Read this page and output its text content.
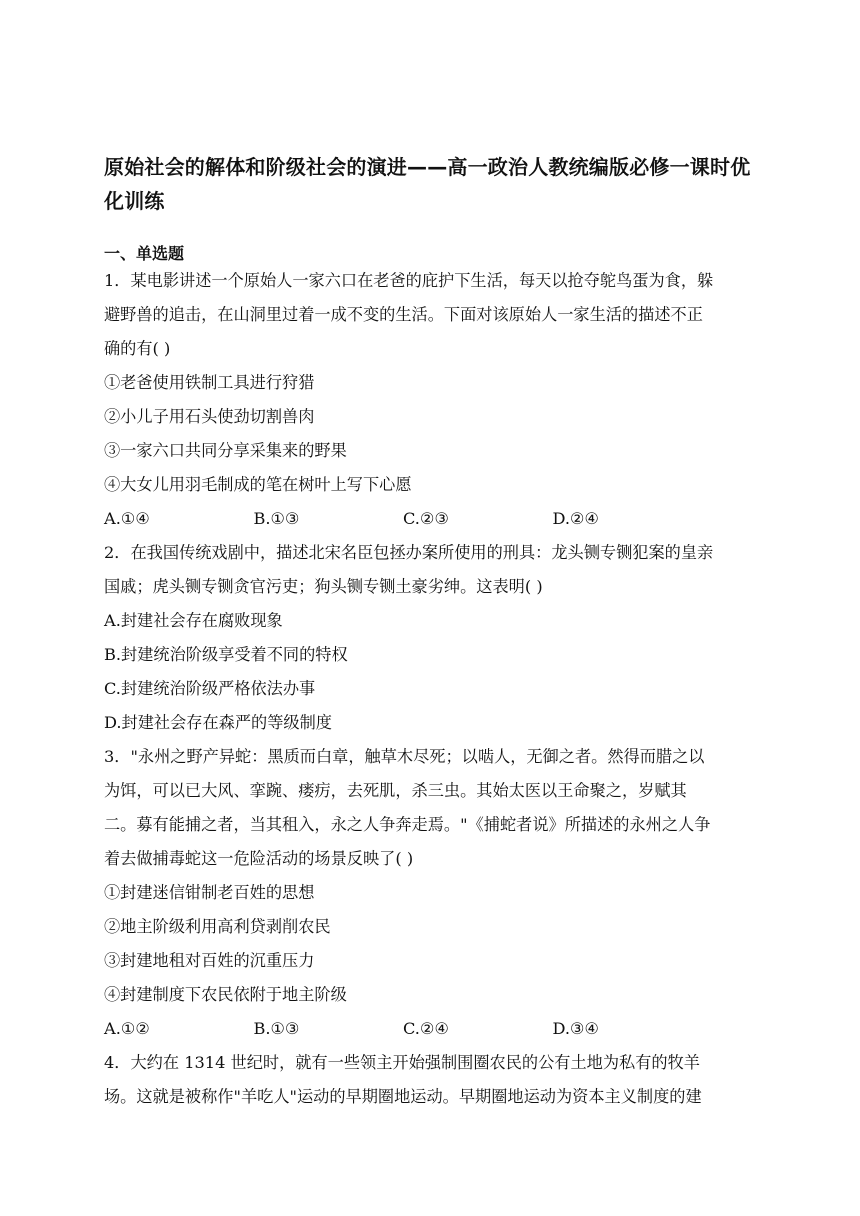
原始社会的解体和阶级社会的演进——高一政治人教统编版必修一课时优
化训练
一、单选题
1．某电影讲述一个原始人一家六口在老爸的庇护下生活，每天以抢夺鸵鸟蛋为食，躲
避野兽的追击，在山洞里过着一成不变的生活。下面对该原始人一家生活的描述不正
确的有( )
①老爸使用铁制工具进行狩猎
②小儿子用石头使劲切割兽肉
③一家六口共同分享采集来的野果
④大女儿用羽毛制成的笔在树叶上写下心愿
A.①④	B.①③	C.②③	D.②④
2．在我国传统戏剧中，描述北宋名臣包拯办案所使用的刑具：龙头铡专铡犯案的皇亲
国戚；虎头铡专铡贪官污吏；狗头铡专铡土豪劣绅。这表明( )
A.封建社会存在腐败现象
B.封建统治阶级享受着不同的特权
C.封建统治阶级严格依法办事
D.封建社会存在森严的等级制度
3．"永州之野产异蛇：黑质而白章，触草木尽死；以啮人，无御之者。然得而腊之以
为饵，可以已大风、挛踠、瘘疠，去死肌，杀三虫。其始太医以王命聚之，岁赋其
二。募有能捕之者，当其租入，永之人争奔走焉。"《捕蛇者说》所描述的永州之人争
着去做捕毒蛇这一危险活动的场景反映了( )
①封建迷信钳制老百姓的思想
②地主阶级利用高利贷剥削农民
③封建地租对百姓的沉重压力
④封建制度下农民依附于地主阶级
A.①②	B.①③	C.②④	D.③④
4．大约在 1314 世纪时，就有一些领主开始强制围圈农民的公有土地为私有的牧羊
场。这就是被称作"羊吃人"运动的早期圈地运动。早期圈地运动为资本主义制度的建
